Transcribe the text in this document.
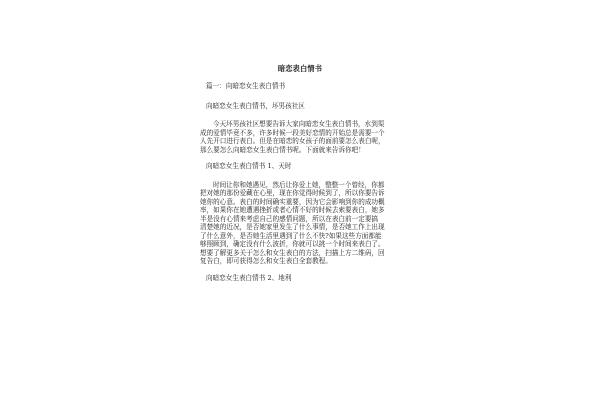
暗恋表白情书

篇一：向暗恋女生表白情书

向暗恋女生表白情书，坏男孩社区

今天坏男孩社区想要告诉大家向暗恋女生表白情书，水到渠

成的爱情毕竟不多，许多时候一段美好恋情的开始总是需要一个

人先开口进行表白。但是在暗恋的女孩子的面前要怎么表白呢，

那么要怎么向暗恋女生表白情书呢。下面就来告诉你吧！

向暗恋女生表白情书 1、天时

时间让你和她遇见，然后让你爱上她，整整一个曾经，你都

把对她的那份爱藏在心里，现在你觉得时候到了，所以你要告诉

她你的心意。表白的时间确实重要，因为它会影响到你的成功概

率，如果你在她遭遇挫折或者心情不好的时候去索要表白，她多

半是没有心情来考虑自己的感情问题，所以在表白前一定要搞

清楚她的近况，是否她家里发生了什么事情，是否她工作上出现

了什么意外，是否她生活里遇到了什么不快?如果这些方面都能

够照顾到，确定没有什么波折，你就可以挑一个时间来表白了。

想要了解更多关于怎么和女生表白的方法，扫描上方二维码，回

复告白，即可获得怎么和女生表白全套教程。

向暗恋女生表白情书 2、地利
